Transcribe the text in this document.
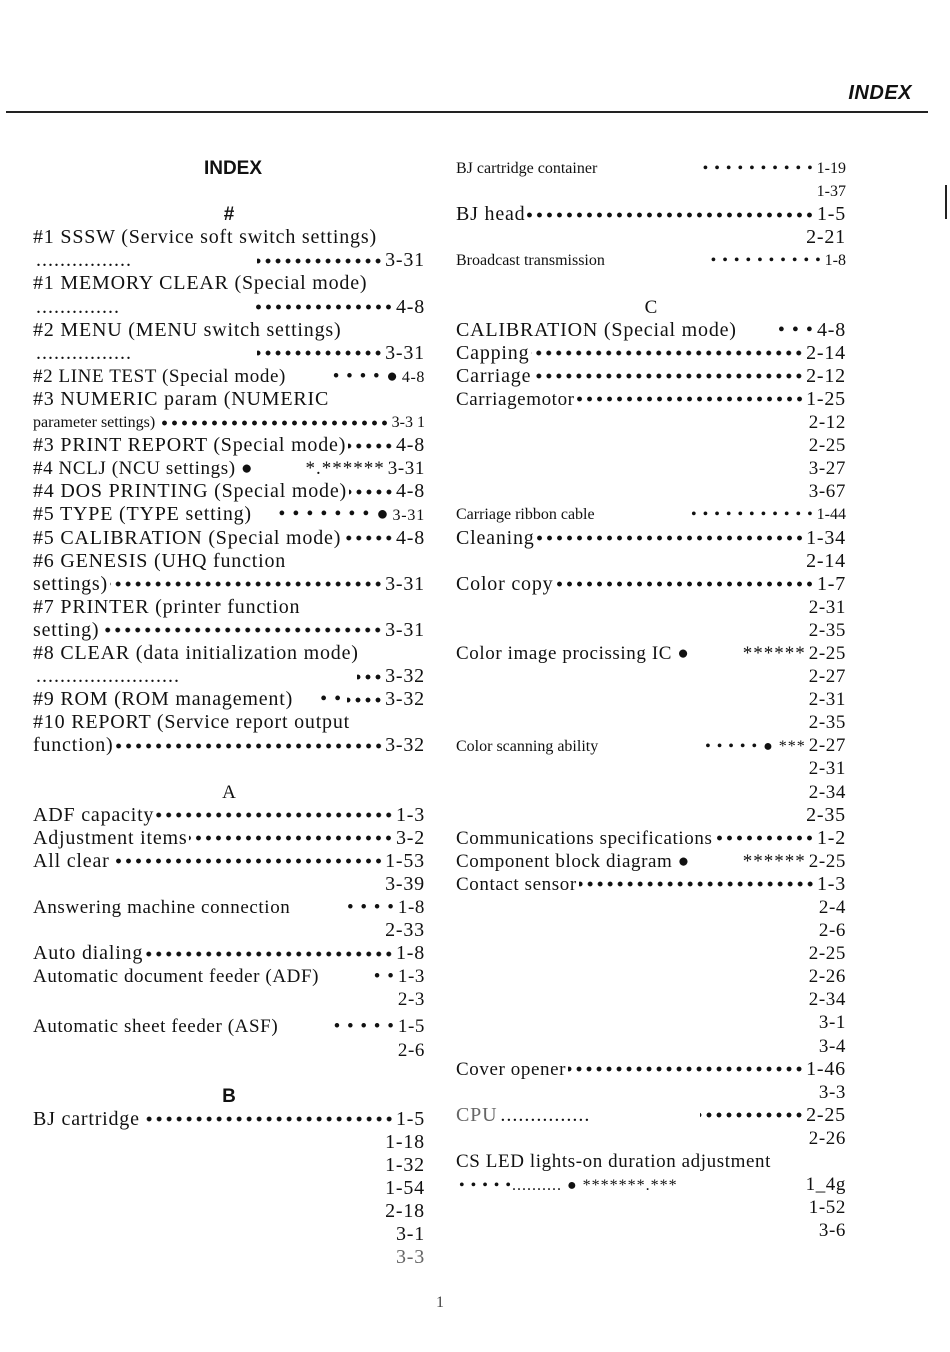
INDEX
INDEX
#
#1 SSSW (Service soft switch settings)
................	3-31
#1 MEMORY CLEAR (Special mode)
..............	4-8
#2 MENU (MENU switch settings)
................	3-31
#2 LINE TEST (Special mode)	• • • • ● 4-8
#3 NUMERIC param (NUMERIC
parameter settings)	3-3 1
#3 PRINT REPORT (Special mode) 4-8
#4 NCLJ (NCU settings) ●	*.****** 3-31
#4 DOS PRINTING (Special mode) 4-8
#5 TYPE (TYPE setting)	• • • • • • • ● 3-31
#5 CALIBRATION (Special mode)	4-8
#6 GENESIS (UHQ function
settings)	3-31
#7 PRINTER (printer function
setting)	3-31
#8 CLEAR (data initialization mode)
........................	3-32
#9 ROM (ROM management)	• • 3-32
#10 REPORT (Service report output
function)	3-32
A
ADF capacity	1-3
Adjustment items	3-2
All clear	1-53
3-39
Answering machine connection	• • • • 1-8
2-33
Auto dialing	1-8
Automatic document feeder (ADF)	• • 1-3
2-3
Automatic sheet feeder (ASF)	• • • • • 1-5
2-6
B
BJ cartridge	1-5
1-18
1-32
1-54
2-18
3-1
3-3
BJ cartridge container	• • • • • • • • • • 1-19
1-37
BJ head	1-5
2-21
Broadcast transmission	• • • • • • • • • • 1-8
C
CALIBRATION (Special mode)	• • • 4-8
Capping	2-14
Carriage	2-12
Carriagemotor	1-25
2-12
2-25
3-27
3-67
Carriage ribbon cable	• • • • • • • • • • • 1-44
Cleaning	1-34
2-14
Color copy	1-7
2-31
2-35
Color image procissing IC ●	****** 2-25
2-27
2-31
2-35
Color scanning ability	• • • • • ● *** 2-27
2-31
2-34
2-35
Communications specifications	1-2
Component block diagram ●	****** 2-25
Contact sensor	1-3
2-4
2-6
2-25
2-26
2-34
3-1
3-4
Cover opener	1-46
3-3
CPU ...............	2-25
2-26
CS LED lights-on duration adjustment
• • • • •.......... ● *******.***	1_4g
1-52
3-6
1
